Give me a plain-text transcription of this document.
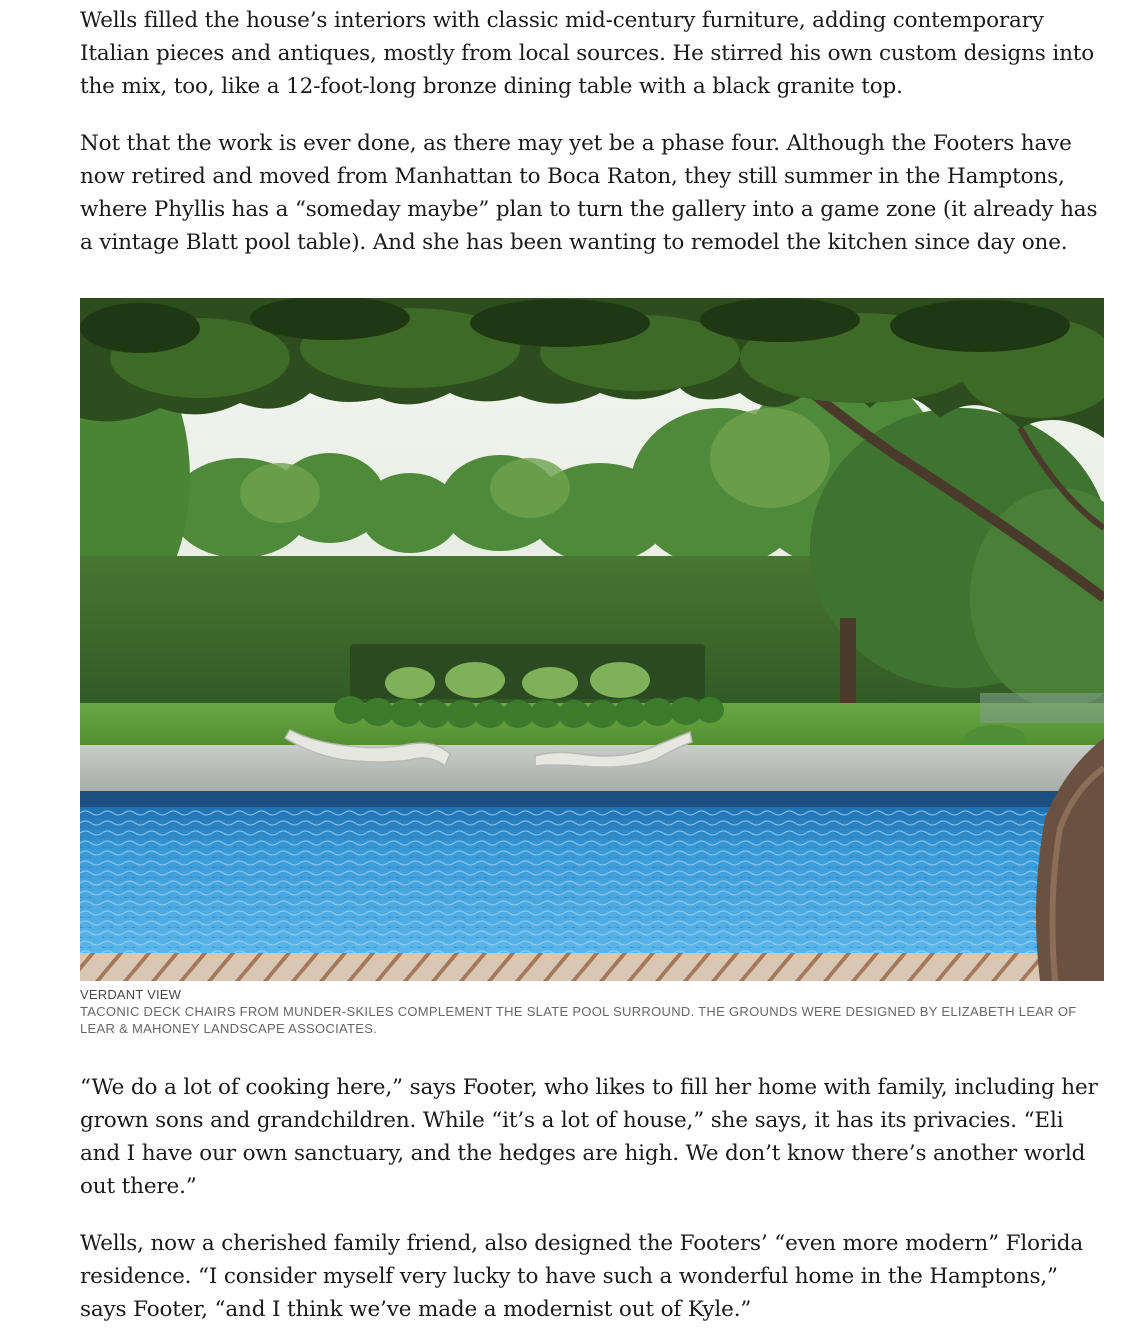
Wells filled the house’s interiors with classic mid-century furniture, adding contemporary Italian pieces and antiques, mostly from local sources. He stirred his own custom designs into the mix, too, like a 12-foot-long bronze dining table with a black granite top.

Not that the work is ever done, as there may yet be a phase four. Although the Footers have now retired and moved from Manhattan to Boca Raton, they still summer in the Hamptons, where Phyllis has a “someday maybe” plan to turn the gallery into a game zone (it already has a vintage Blatt pool table). And she has been wanting to remodel the kitchen since day one.

VERDANT VIEW
TACONIC DECK CHAIRS FROM MUNDER-SKILES COMPLEMENT THE SLATE POOL SURROUND. THE GROUNDS WERE DESIGNED BY ELIZABETH LEAR OF LEAR & MAHONEY LANDSCAPE ASSOCIATES.

“We do a lot of cooking here,” says Footer, who likes to fill her home with family, including her grown sons and grandchildren. While “it’s a lot of house,” she says, it has its privacies. “Eli and I have our own sanctuary, and the hedges are high. We don’t know there’s another world out there.”

Wells, now a cherished family friend, also designed the Footers’ “even more modern” Florida residence. “I consider myself very lucky to have such a wonderful home in the Hamptons,” says Footer, “and I think we’ve made a modernist out of Kyle.”
